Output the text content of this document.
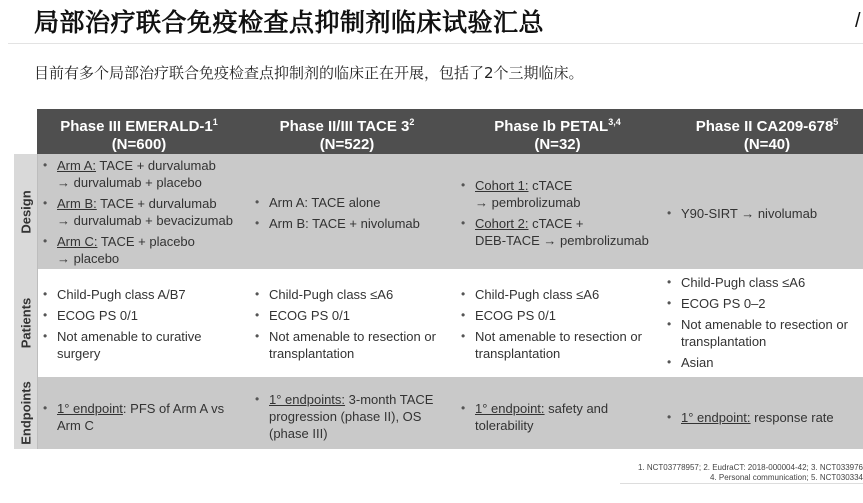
局部治疗联合免疫检查点抑制剂临床试验汇总	/
目前有多个局部治疗联合免疫检查点抑制剂的临床正在开展，包括了2个三期临床。
Phase III EMERALD-$1^1$
(N=600)
Phase II/III TACE $3^2$
(N=522)
Phase Ib PETAL$^{3,4}$
(N=32)
Phase II $CA209-678^5$
(N=40)
Design
• Arm A: TACE + durvalumab
→ durvalumab + placebo
• Arm B: TACE + durvalumab
→ durvalumab + bevacizumab
• Arm C: TACE + placebo
→ placebo
• Arm A: TACE alone
• Arm B: TACE + nivolumab
• Cohort 1: cTACE
→ pembrolizumab
• Cohort 2: cTACE +
DEB-TACE → pembrolizumab
• Y90-SIRT → nivolumab
Patients
• Child-Pugh class A/B7
• ECOG PS 0/1
• Not amenable to curative surgery
• Child-Pugh class ≤A6
• ECOG PS 0/1
• Not amenable to resection or transplantation
• Child-Pugh class ≤A6
• ECOG PS 0/1
• Not amenable to resection or transplantation
• Child-Pugh class ≤A6
• ECOG PS 0–2
• Not amenable to resection or transplantation
• Asian
Endpoints
•	1° endpoint: PFS of Arm A vs Arm C
• 1° endpoints: 3-month TACE progression (phase II), OS (phase III)
• 1° endpoint: safety and tolerability
• 1° endpoint: response rate
1. NCT03778957; 2. EudraCT: 2018-000004-42; 3. NCT033976
4. Personal communication; 5. NCT030334
